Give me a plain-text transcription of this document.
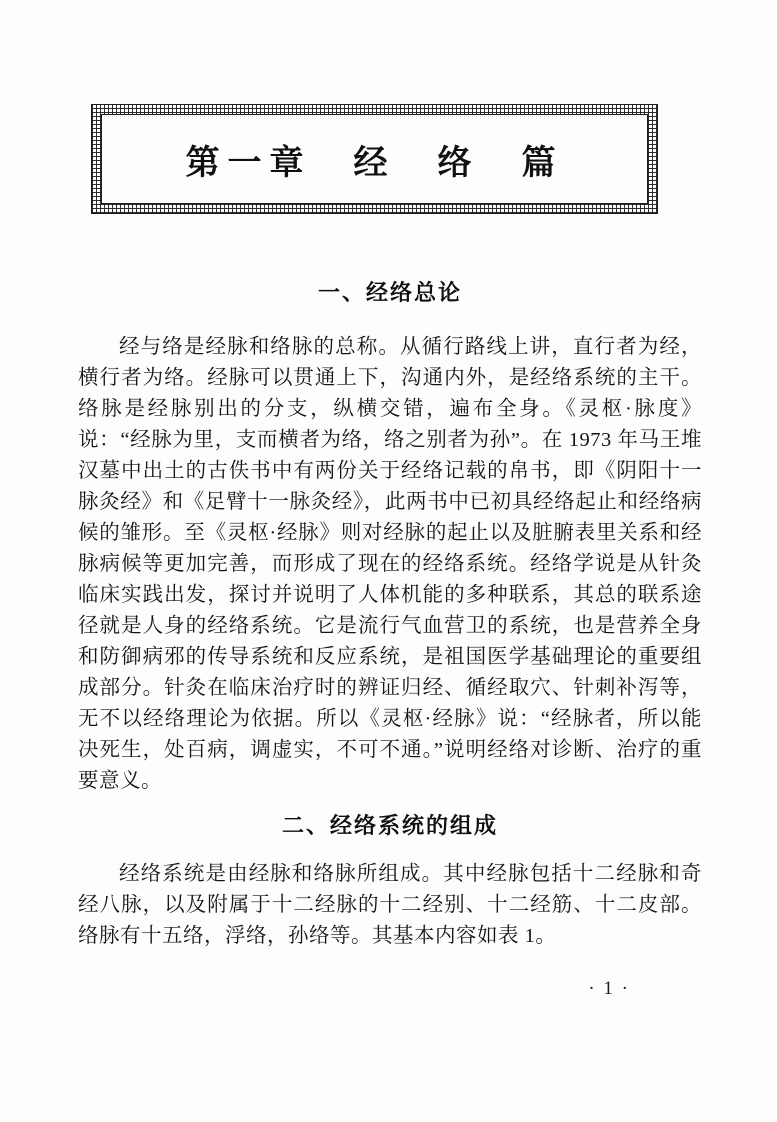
第一章　经　络　篇
一、经络总论

经与络是经脉和络脉的总称。从循行路线上讲，直行者为经，横行者为络。经脉可以贯通上下，沟通内外，是经络系统的主干。络脉是经脉别出的分支，纵横交错，遍布全身。《灵枢·脉度》说：“经脉为里，支而横者为络，络之别者为孙”。在 1973 年马王堆汉墓中出土的古佚书中有两份关于经络记载的帛书，即《阴阳十一脉灸经》和《足臂十一脉灸经》，此两书中已初具经络起止和经络病候的雏形。至《灵枢·经脉》则对经脉的起止以及脏腑表里关系和经脉病候等更加完善，而形成了现在的经络系统。经络学说是从针灸临床实践出发，探讨并说明了人体机能的多种联系，其总的联系途径就是人身的经络系统。它是流行气血营卫的系统，也是营养全身和防御病邪的传导系统和反应系统，是祖国医学基础理论的重要组成部分。针灸在临床治疗时的辨证归经、循经取穴、针刺补泻等，无不以经络理论为依据。所以《灵枢·经脉》说：“经脉者，所以能决死生，处百病，调虚实，不可不通。”说明经络对诊断、治疗的重要意义。

二、经络系统的组成

经络系统是由经脉和络脉所组成。其中经脉包括十二经脉和奇经八脉，以及附属于十二经脉的十二经别、十二经筋、十二皮部。络脉有十五络，浮络，孙络等。其基本内容如表 1。

· 1 ·
